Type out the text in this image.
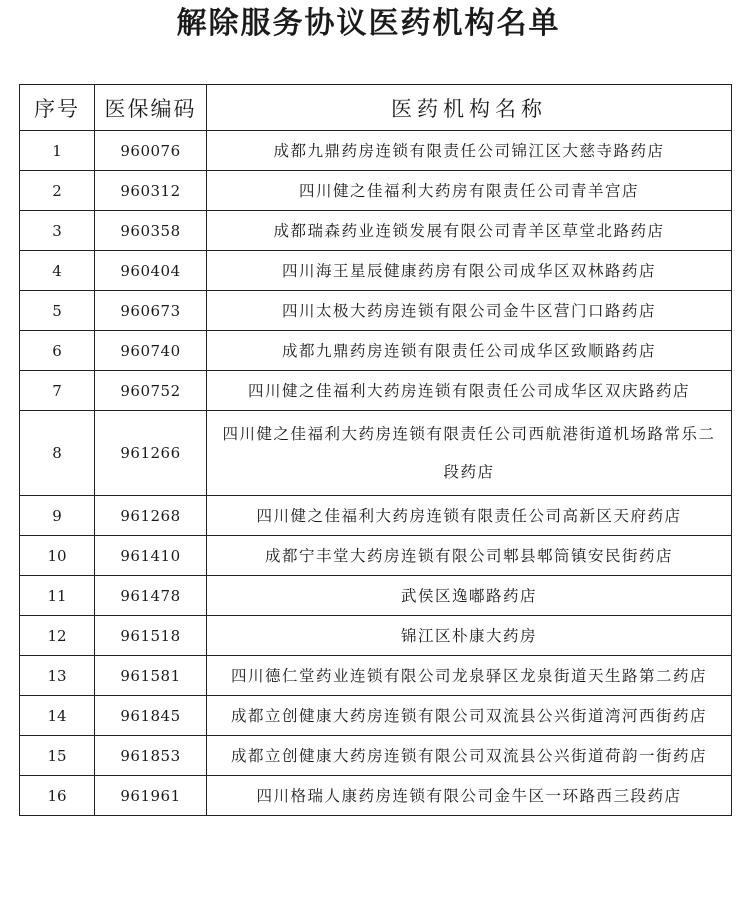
解除服务协议医药机构名单
序号	医保编码	医药机构名称
1	960076	成都九鼎药房连锁有限责任公司锦江区大慈寺路药店
2	960312	四川健之佳福利大药房有限责任公司青羊宫店
3	960358	成都瑞森药业连锁发展有限公司青羊区草堂北路药店
4	960404	四川海王星辰健康药房有限公司成华区双林路药店
5	960673	四川太极大药房连锁有限公司金牛区营门口路药店
6	960740	成都九鼎药房连锁有限责任公司成华区致顺路药店
7	960752	四川健之佳福利大药房连锁有限责任公司成华区双庆路药店
8	961266	四川健之佳福利大药房连锁有限责任公司西航港街道机场路常乐二段药店
9	961268	四川健之佳福利大药房连锁有限责任公司高新区天府药店
10	961410	成都宁丰堂大药房连锁有限公司郫县郫筒镇安民街药店
11	961478	武侯区逸嘟路药店
12	961518	锦江区朴康大药房
13	961581	四川德仁堂药业连锁有限公司龙泉驿区龙泉街道天生路第二药店
14	961845	成都立创健康大药房连锁有限公司双流县公兴街道湾河西街药店
15	961853	成都立创健康大药房连锁有限公司双流县公兴街道荷韵一街药店
16	961961	四川格瑞人康药房连锁有限公司金牛区一环路西三段药店
